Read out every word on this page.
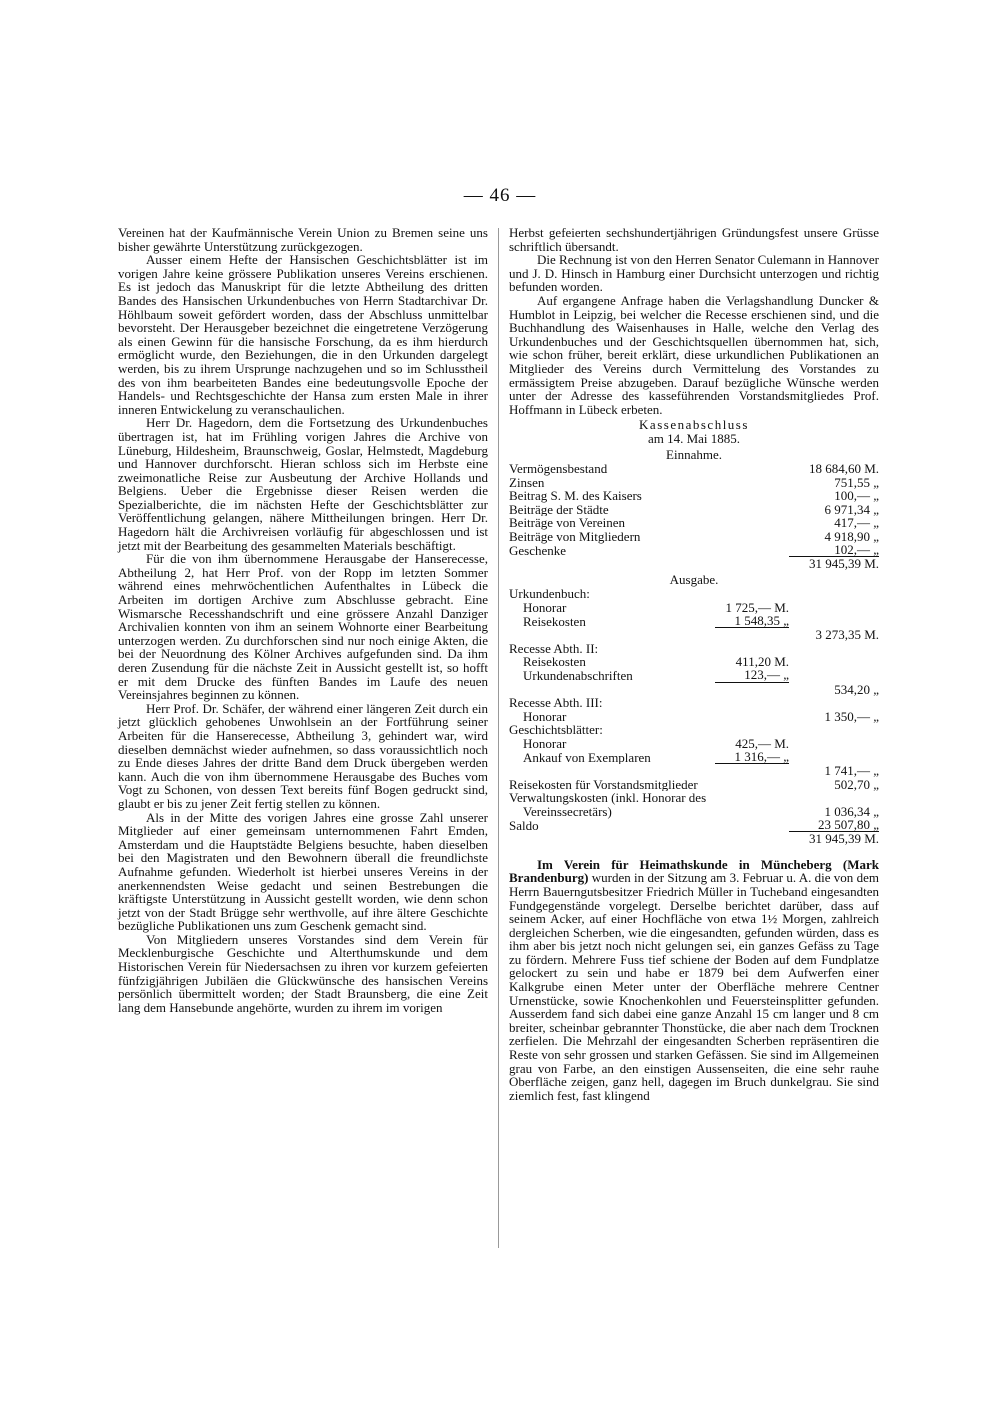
— 46 —

Vereinen hat der Kaufmännische Verein Union zu Bremen seine uns bisher gewährte Unterstützung zurückgezogen.

Ausser einem Hefte der Hansischen Geschichtsblätter ist im vorigen Jahre keine grössere Publikation unseres Vereins erschienen. Es ist jedoch das Manuskript für die letzte Abtheilung des dritten Bandes des Hansischen Urkundenbuches von Herrn Stadtarchivar Dr. Höhlbaum soweit gefördert worden, dass der Abschluss unmittelbar bevorsteht. Der Herausgeber bezeichnet die eingetretene Verzögerung als einen Gewinn für die hansische Forschung, da es ihm hierdurch ermöglicht wurde, den Beziehungen, die in den Urkunden dargelegt werden, bis zu ihrem Ursprunge nachzugehen und so im Schlusstheil des von ihm bearbeiteten Bandes eine bedeutungsvolle Epoche der Handels- und Rechtsgeschichte der Hansa zum ersten Male in ihrer inneren Entwickelung zu veranschaulichen.

Herr Dr. Hagedorn, dem die Fortsetzung des Urkundenbuches übertragen ist, hat im Frühling vorigen Jahres die Archive von Lüneburg, Hildesheim, Braunschweig, Goslar, Helmstedt, Magdeburg und Hannover durchforscht. Hieran schloss sich im Herbste eine zweimonatliche Reise zur Ausbeutung der Archive Hollands und Belgiens. Ueber die Ergebnisse dieser Reisen werden die Spezialberichte, die im nächsten Hefte der Geschichtsblätter zur Veröffentlichung gelangen, nähere Mittheilungen bringen. Herr Dr. Hagedorn hält die Archivreisen vorläufig für abgeschlossen und ist jetzt mit der Bearbeitung des gesammelten Materials beschäftigt.

Für die von ihm übernommene Herausgabe der Hanserecesse, Abtheilung 2, hat Herr Prof. von der Ropp im letzten Sommer während eines mehrwöchentlichen Aufenthaltes in Lübeck die Arbeiten im dortigen Archive zum Abschlusse gebracht. Eine Wismarsche Recesshandschrift und eine grössere Anzahl Danziger Archivalien konnten von ihm an seinem Wohnorte einer Bearbeitung unterzogen werden. Zu durchforschen sind nur noch einige Akten, die bei der Neuordnung des Kölner Archives aufgefunden sind. Da ihm deren Zusendung für die nächste Zeit in Aussicht gestellt ist, so hofft er mit dem Drucke des fünften Bandes im Laufe des neuen Vereinsjahres beginnen zu können.

Herr Prof. Dr. Schäfer, der während einer längeren Zeit durch ein jetzt glücklich gehobenes Unwohlsein an der Fortführung seiner Arbeiten für die Hanserecesse, Abtheilung 3, gehindert war, wird dieselben demnächst wieder aufnehmen, so dass voraussichtlich noch zu Ende dieses Jahres der dritte Band dem Druck übergeben werden kann. Auch die von ihm übernommene Herausgabe des Buches vom Vogt zu Schonen, von dessen Text bereits fünf Bogen gedruckt sind, glaubt er bis zu jener Zeit fertig stellen zu können.

Als in der Mitte des vorigen Jahres eine grosse Zahl unserer Mitglieder auf einer gemeinsam unternommenen Fahrt Emden, Amsterdam und die Hauptstädte Belgiens besuchte, haben dieselben bei den Magistraten und den Bewohnern überall die freundlichste Aufnahme gefunden. Wiederholt ist hierbei unseres Vereins in der anerkennendsten Weise gedacht und seinen Bestrebungen die kräftigste Unterstützung in Aussicht gestellt worden, wie denn schon jetzt von der Stadt Brügge sehr werthvolle, auf ihre ältere Geschichte bezügliche Publikationen uns zum Geschenk gemacht sind.

Von Mitgliedern unseres Vorstandes sind dem Verein für Mecklenburgische Geschichte und Alterthumskunde und dem Historischen Verein für Niedersachsen zu ihren vor kurzem gefeierten fünfzigjährigen Jubiläen die Glückwünsche des hansischen Vereins persönlich übermittelt worden; der Stadt Braunsberg, die eine Zeit lang dem Hansebunde angehörte, wurden zu ihrem im vorigen

Herbst gefeierten sechshundertjährigen Gründungsfest unsere Grüsse schriftlich übersandt.

Die Rechnung ist von den Herren Senator Culemann in Hannover und J. D. Hinsch in Hamburg einer Durchsicht unterzogen und richtig befunden worden.

Auf ergangene Anfrage haben die Verlagshandlung Duncker & Humblot in Leipzig, bei welcher die Recesse erschienen sind, und die Buchhandlung des Waisenhauses in Halle, welche den Verlag des Urkundenbuches und der Geschichtsquellen übernommen hat, sich, wie schon früher, bereit erklärt, diese urkundlichen Publikationen an Mitglieder des Vereins durch Vermittelung des Vorstandes zu ermässigtem Preise abzugeben. Darauf bezügliche Wünsche werden unter der Adresse des kasseführenden Vorstandsmitgliedes Prof. Hoffmann in Lübeck erbeten.

Kassenabschluss
am 14. Mai 1885.
Einnahme.
Vermögensbestand	18 684,60 M.
Zinsen	751,55 „
Beitrag S. M. des Kaisers	100,— „
Beiträge der Städte	6 971,34 „
Beiträge von Vereinen	417,— „
Beiträge von Mitgliedern	4 918,90 „
Geschenke	102,— „
31 945,39 M.
Ausgabe.
Urkundenbuch:
Honorar	1 725,— M.
Reisekosten	1 548,35 „
3 273,35 M.
Recesse Abth. II:
Reisekosten	411,20 M.
Urkundenabschriften	123,— „
534,20 „
Recesse Abth. III:
Honorar	1 350,— „
Geschichtsblätter:
Honorar	425,— M.
Ankauf von Exemplaren	1 316,— „
1 741,— „
Reisekosten für Vorstandsmitglieder	502,70 „
Verwaltungskosten (inkl. Honorar des
Vereinssecretärs)	1 036,34 „
Saldo	23 507,80 „
31 945,39 M.

Im Verein für Heimathskunde in Müncheberg (Mark Brandenburg) wurden in der Sitzung am 3. Februar u. A. die von dem Herrn Bauerngutsbesitzer Friedrich Müller in Tucheband eingesandten Fundgegenstände vorgelegt. Derselbe berichtet darüber, dass auf seinem Acker, auf einer Hochfläche von etwa 1½ Morgen, zahlreich dergleichen Scherben, wie die eingesandten, gefunden würden, dass es ihm aber bis jetzt noch nicht gelungen sei, ein ganzes Gefäss zu Tage zu fördern. Mehrere Fuss tief schiene der Boden auf dem Fundplatze gelockert zu sein und habe er 1879 bei dem Aufwerfen einer Kalkgrube einen Meter unter der Oberfläche mehrere Centner Urnenstücke, sowie Knochenkohlen und Feuersteinsplitter gefunden. Ausserdem fand sich dabei eine ganze Anzahl 15 cm langer und 8 cm breiter, scheinbar gebrannter Thonstücke, die aber nach dem Trocknen zerfielen. Die Mehrzahl der eingesandten Scherben repräsentiren die Reste von sehr grossen und starken Gefässen. Sie sind im Allgemeinen grau von Farbe, an den einstigen Aussenseiten, die eine sehr rauhe Oberfläche zeigen, ganz hell, dagegen im Bruch dunkelgrau. Sie sind ziemlich fest, fast klingend
